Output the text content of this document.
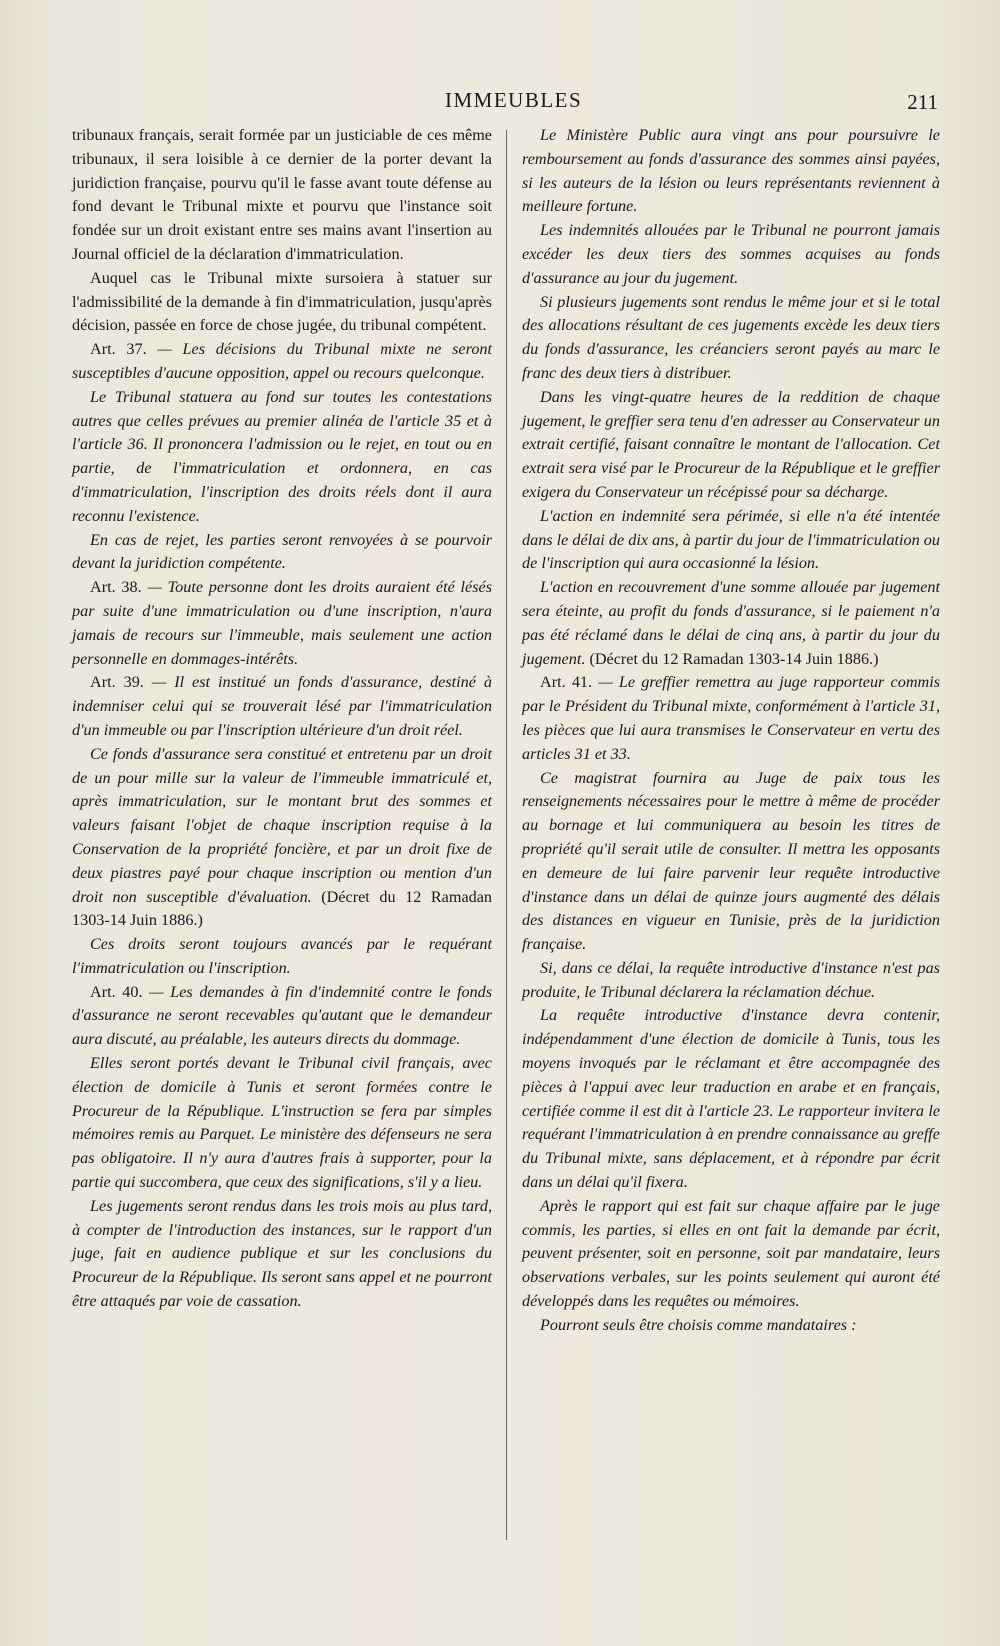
IMMEUBLES	211

tribunaux français, serait formée par un justiciable de ces même tribunaux, il sera loisible à ce dernier de la porter devant la juridiction française, pourvu qu'il le fasse avant toute défense au fond devant le Tribunal mixte et pourvu que l'instance soit fondée sur un droit existant entre ses mains avant l'insertion au Journal officiel de la déclaration d'immatriculation.

Auquel cas le Tribunal mixte sursoiera à statuer sur l'admissibilité de la demande à fin d'immatriculation, jusqu'après décision, passée en force de chose jugée, du tribunal compétent.

Art. 37. — Les décisions du Tribunal mixte ne seront susceptibles d'aucune opposition, appel ou recours quelconque.

Le Tribunal statuera au fond sur toutes les contestations autres que celles prévues au premier alinéa de l'article 35 et à l'article 36. Il prononcera l'admission ou le rejet, en tout ou en partie, de l'immatriculation et ordonnera, en cas d'immatriculation, l'inscription des droits réels dont il aura reconnu l'existence.

En cas de rejet, les parties seront renvoyées à se pourvoir devant la juridiction compétente.

Art. 38. — Toute personne dont les droits auraient été lésés par suite d'une immatriculation ou d'une inscription, n'aura jamais de recours sur l'immeuble, mais seulement une action personnelle en dommages-intérêts.

Art. 39. — Il est institué un fonds d'assurance, destiné à indemniser celui qui se trouverait lésé par l'immatriculation d'un immeuble ou par l'inscription ultérieure d'un droit réel.

Ce fonds d'assurance sera constitué et entretenu par un droit de un pour mille sur la valeur de l'immeuble immatriculé et, après immatriculation, sur le montant brut des sommes et valeurs faisant l'objet de chaque inscription requise à la Conservation de la propriété foncière, et par un droit fixe de deux piastres payé pour chaque inscription ou mention d'un droit non susceptible d'évaluation. (Décret du 12 Ramadan 1303-14 Juin 1886.)

Ces droits seront toujours avancés par le requérant l'immatriculation ou l'inscription.

Art. 40. — Les demandes à fin d'indemnité contre le fonds d'assurance ne seront recevables qu'autant que le demandeur aura discuté, au préalable, les auteurs directs du dommage.

Elles seront portés devant le Tribunal civil français, avec élection de domicile à Tunis et seront formées contre le Procureur de la République. L'instruction se fera par simples mémoires remis au Parquet. Le ministère des défenseurs ne sera pas obligatoire. Il n'y aura d'autres frais à supporter, pour la partie qui succombera, que ceux des significations, s'il y a lieu.

Les jugements seront rendus dans les trois mois au plus tard, à compter de l'introduction des instances, sur le rapport d'un juge, fait en audience publique et sur les conclusions du Procureur de la République. Ils seront sans appel et ne pourront être attaqués par voie de cassation.

Le Ministère Public aura vingt ans pour poursuivre le remboursement au fonds d'assurance des sommes ainsi payées, si les auteurs de la lésion ou leurs représentants reviennent à meilleure fortune.

Les indemnités allouées par le Tribunal ne pourront jamais excéder les deux tiers des sommes acquises au fonds d'assurance au jour du jugement.

Si plusieurs jugements sont rendus le même jour et si le total des allocations résultant de ces jugements excède les deux tiers du fonds d'assurance, les créanciers seront payés au marc le franc des deux tiers à distribuer.

Dans les vingt-quatre heures de la reddition de chaque jugement, le greffier sera tenu d'en adresser au Conservateur un extrait certifié, faisant connaître le montant de l'allocation. Cet extrait sera visé par le Procureur de la République et le greffier exigera du Conservateur un récépissé pour sa décharge.

L'action en indemnité sera périmée, si elle n'a été intentée dans le délai de dix ans, à partir du jour de l'immatriculation ou de l'inscription qui aura occasionné la lésion.

L'action en recouvrement d'une somme allouée par jugement sera éteinte, au profit du fonds d'assurance, si le paiement n'a pas été réclamé dans le délai de cinq ans, à partir du jour du jugement. (Décret du 12 Ramadan 1303-14 Juin 1886.)

Art. 41. — Le greffier remettra au juge rapporteur commis par le Président du Tribunal mixte, conformément à l'article 31, les pièces que lui aura transmises le Conservateur en vertu des articles 31 et 33.

Ce magistrat fournira au Juge de paix tous les renseignements nécessaires pour le mettre à même de procéder au bornage et lui communiquera au besoin les titres de propriété qu'il serait utile de consulter. Il mettra les opposants en demeure de lui faire parvenir leur requête introductive d'instance dans un délai de quinze jours augmenté des délais des distances en vigueur en Tunisie, près de la juridiction française.

Si, dans ce délai, la requête introductive d'instance n'est pas produite, le Tribunal déclarera la réclamation déchue.

La requête introductive d'instance devra contenir, indépendamment d'une élection de domicile à Tunis, tous les moyens invoqués par le réclamant et être accompagnée des pièces à l'appui avec leur traduction en arabe et en français, certifiée comme il est dit à l'article 23. Le rapporteur invitera le requérant l'immatriculation à en prendre connaissance au greffe du Tribunal mixte, sans déplacement, et à répondre par écrit dans un délai qu'il fixera.

Après le rapport qui est fait sur chaque affaire par le juge commis, les parties, si elles en ont fait la demande par écrit, peuvent présenter, soit en personne, soit par mandataire, leurs observations verbales, sur les points seulement qui auront été développés dans les requêtes ou mémoires.

Pourront seuls être choisis comme mandataires :
